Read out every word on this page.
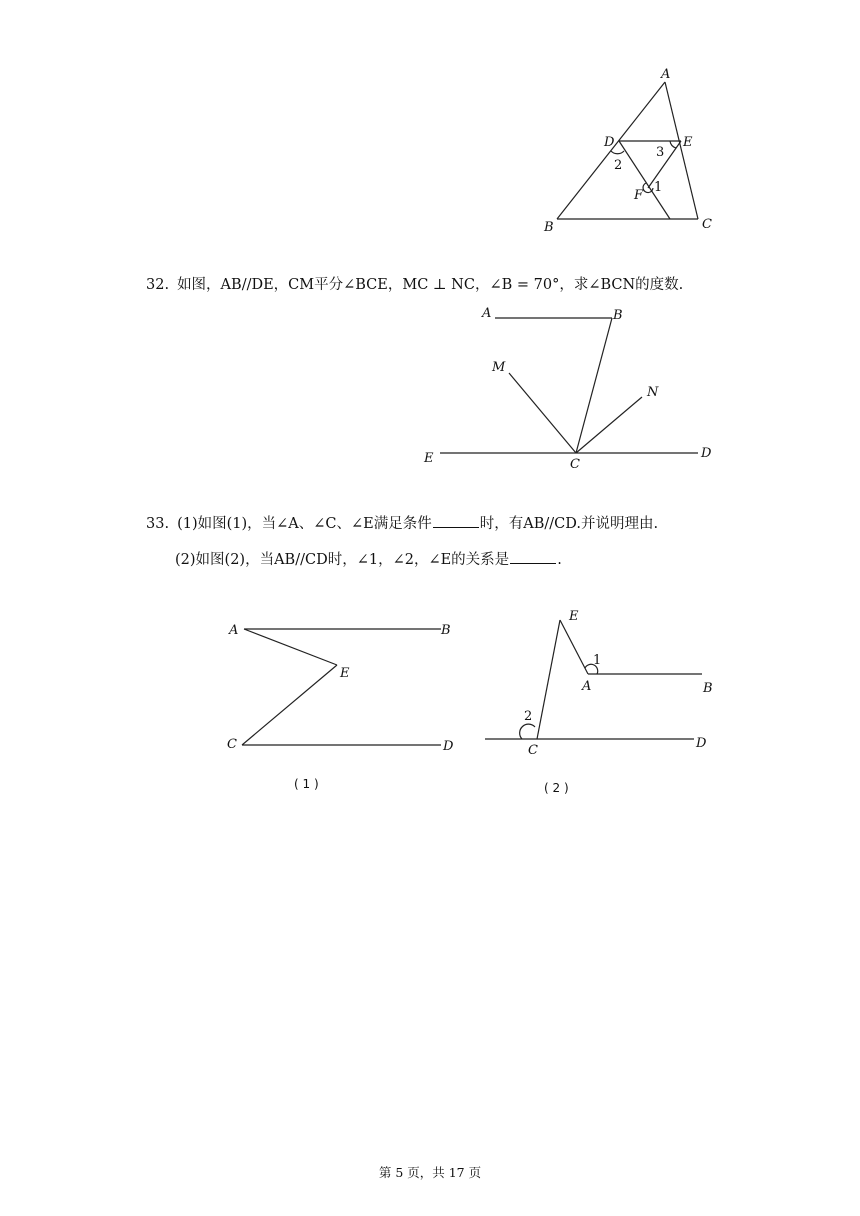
A
D	E
F
B	C
2
3
1
32. 如图，AB//DE，CM平分∠BCE，MC ⊥ NC，∠B = 70°，求∠BCN的度数.
A	B
M
N
E	C
D
33. (1)如图(1)，当∠A、∠C、∠E满足条件	时，有AB//CD.并说明理由.
(2)如图(2)，当AB//CD时，∠1，∠2，∠E的关系是	.
A	B
E
C	D
( 1 )
E
1
A	B
2
C	D
( 2 )
第 5 页，共 17 页
